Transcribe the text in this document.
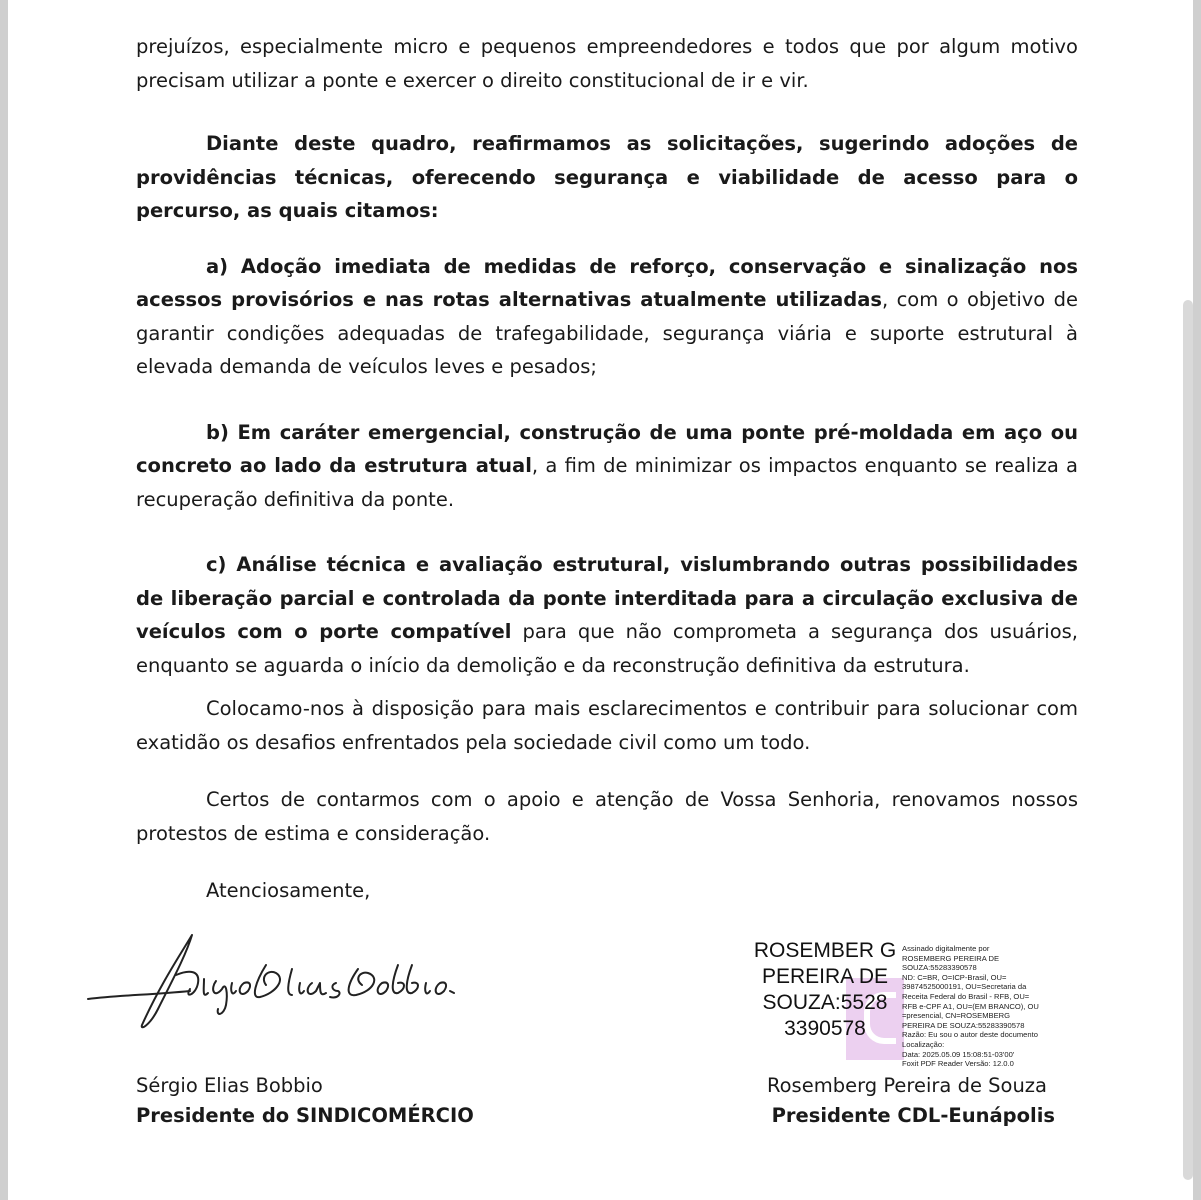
prejuízos, especialmente micro e pequenos empreendedores e todos que por algum motivo precisam utilizar a ponte e exercer o direito constitucional de ir e vir.

Diante deste quadro, reafirmamos as solicitações, sugerindo adoções de providências técnicas, oferecendo segurança e viabilidade de acesso para o percurso, as quais citamos:

a) Adoção imediata de medidas de reforço, conservação e sinalização nos acessos provisórios e nas rotas alternativas atualmente utilizadas, com o objetivo de garantir condições adequadas de trafegabilidade, segurança viária e suporte estrutural à elevada demanda de veículos leves e pesados;

b) Em caráter emergencial, construção de uma ponte pré-moldada em aço ou concreto ao lado da estrutura atual, a fim de minimizar os impactos enquanto se realiza a recuperação definitiva da ponte.

c) Análise técnica e avaliação estrutural, vislumbrando outras possibilidades de liberação parcial e controlada da ponte interditada para a circulação exclusiva de veículos com o porte compatível para que não comprometa a segurança dos usuários, enquanto se aguarda o início da demolição e da reconstrução definitiva da estrutura.

Colocamo-nos à disposição para mais esclarecimentos e contribuir para solucionar com exatidão os desafios enfrentados pela sociedade civil como um todo.

Certos de contarmos com o apoio e atenção de Vossa Senhoria, renovamos nossos protestos de estima e consideração.

Atenciosamente,

Sérgio Elias Bobbio
Presidente do SINDICOMÉRCIO
ROSEMBER G PEREIRA DE SOUZA:5528 3390578
Assinado digitalmente por
ROSEMBERG PEREIRA DE
SOUZA:55283390578
ND: C=BR, O=ICP-Brasil, OU=
39874525000191, OU=Secretaria da
Receita Federal do Brasil - RFB, OU=
RFB e-CPF A1, OU=(EM BRANCO), OU
=presencial, CN=ROSEMBERG
PEREIRA DE SOUZA:55283390578
Razão: Eu sou o autor deste documento
Localização:
Data: 2025.05.09 15:08:51-03'00'
Foxit PDF Reader Versão: 12.0.0
Rosemberg Pereira de Souza
Presidente CDL-Eunápolis
